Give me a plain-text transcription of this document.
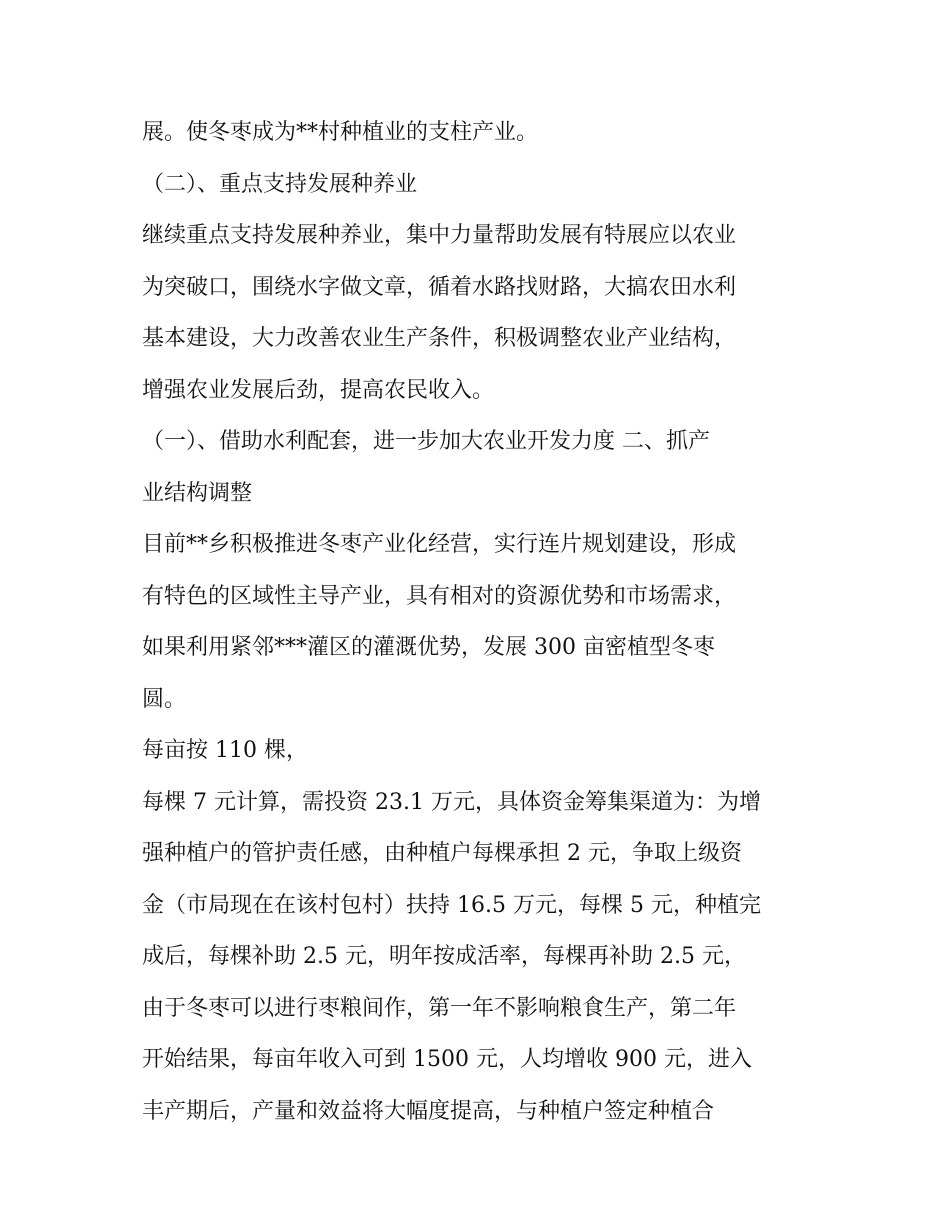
展。使冬枣成为**村种植业的支柱产业。
（二）、重点支持发展种养业
继续重点支持发展种养业，集中力量帮助发展有特展应以农业
为突破口，围绕水字做文章，循着水路找财路，大搞农田水利
基本建设，大力改善农业生产条件，积极调整农业产业结构，
增强农业发展后劲，提高农民收入。
（一）、借助水利配套，进一步加大农业开发力度 二、抓产
业结构调整
目前**乡积极推进冬枣产业化经营，实行连片规划建设，形成
有特色的区域性主导产业，具有相对的资源优势和市场需求，
如果利用紧邻***灌区的灌溉优势，发展 300 亩密植型冬枣
圆。
每亩按 110 棵，
每棵 7 元计算，需投资 23.1 万元，具体资金筹集渠道为：为增
强种植户的管护责任感，由种植户每棵承担 2 元，争取上级资
金（市局现在在该村包村）扶持 16.5 万元，每棵 5 元，种植完
成后，每棵补助 2.5 元，明年按成活率，每棵再补助 2.5 元，
由于冬枣可以进行枣粮间作，第一年不影响粮食生产，第二年
开始结果，每亩年收入可到 1500 元，人均增收 900 元，进入
丰产期后，产量和效益将大幅度提高，与种植户签定种植合
